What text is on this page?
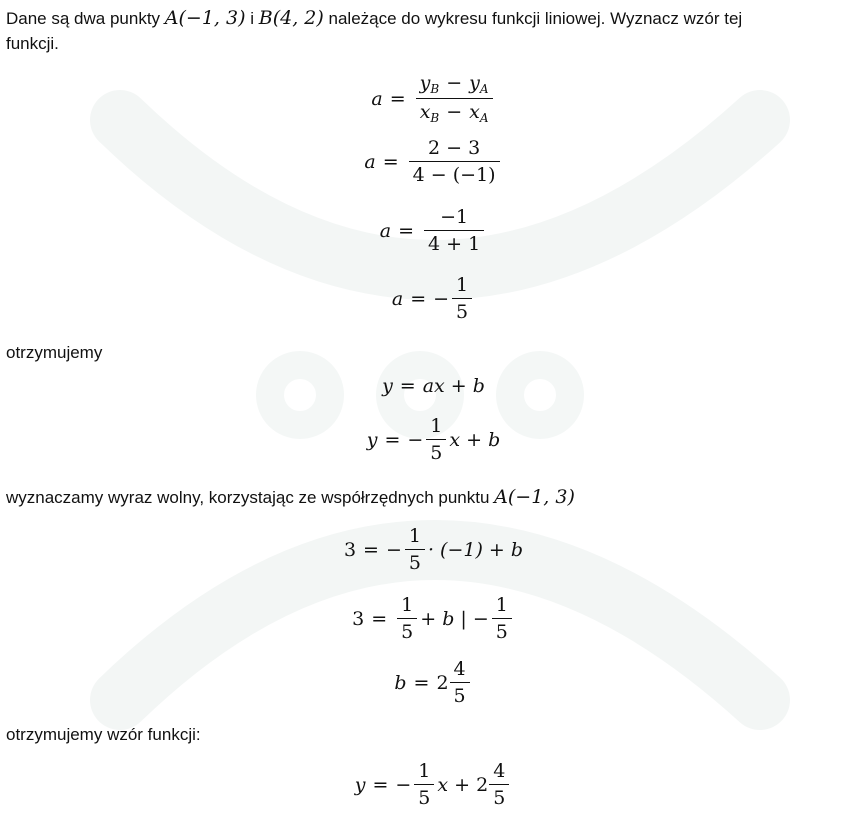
Dane są dwa punkty A(−1, 3) i B(4, 2) należące do wykresu funkcji liniowej. Wyznacz wzór tej
funkcji.

$a = \frac{y_B - y_A}{x_B - x_A}$
$a = \frac{2 - 3}{4 - (-1)}$
$a = \frac{-1}{4 + 1}$
a = − $\frac{1}{5}$

otrzymujemy

y = ax + b
y = − $\frac{1}{5}$ x + b

wyznaczamy wyraz wolny, korzystając ze współrzędnych punktu A(−1, 3)

3 = − $\frac{1}{5} \cdot (-1) + b$
$3 = \frac{1}{5} + b$ | − $\frac{1}{5}$
$b = 2 \frac{4}{5}$

otrzymujemy wzór funkcji:

y = − $\frac{1}{5}$ $x + 2 \frac{4}{5}$
